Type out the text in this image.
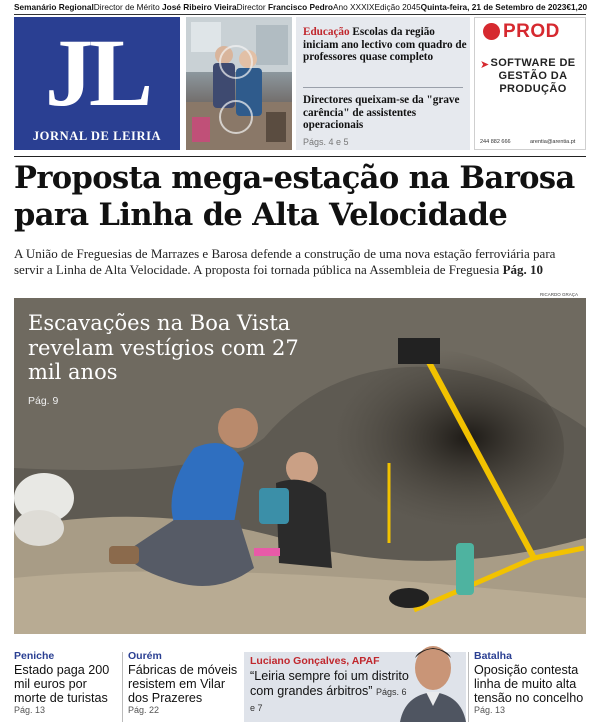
Semanário Regional Director de Mérito José Ribeiro Vieira Director Francisco Pedro Ano XXXIX Edição 2045 Quinta-feira, 21 de Setembro de 2023 €1,20
JL
JORNAL DE LEIRIA
Educação Escolas da região iniciam ano lectivo com quadro de professores quase completo
Directores queixam-se da "grave carência" de assistentes operacionais
Págs. 4 e 5
PROD
➤ SOFTWARE DE GESTÃO DA PRODUÇÃO
244 882 666	arentia@arentia.pt
Proposta mega-estação na Barosa para Linha de Alta Velocidade
A União de Freguesias de Marrazes e Barosa defende a construção de uma nova estação ferroviária para servir a Linha de Alta Velocidade. A proposta foi tornada pública na Assembleia de Freguesia Pág. 10
RICARDO GRAÇA
Escavações na Boa Vista revelam vestígios com 27 mil anos
Pág. 9
Peniche
Estado paga 200 mil euros por morte de turistas
Pág. 13
Ourém
Fábricas de móveis resistem em Vilar dos Prazeres
Pág. 22
Luciano Gonçalves, APAF
“Leiria sempre foi um distrito com grandes árbitros” Págs. 6 e 7
Batalha
Oposição contesta linha de muito alta tensão no concelho
Pág. 13
